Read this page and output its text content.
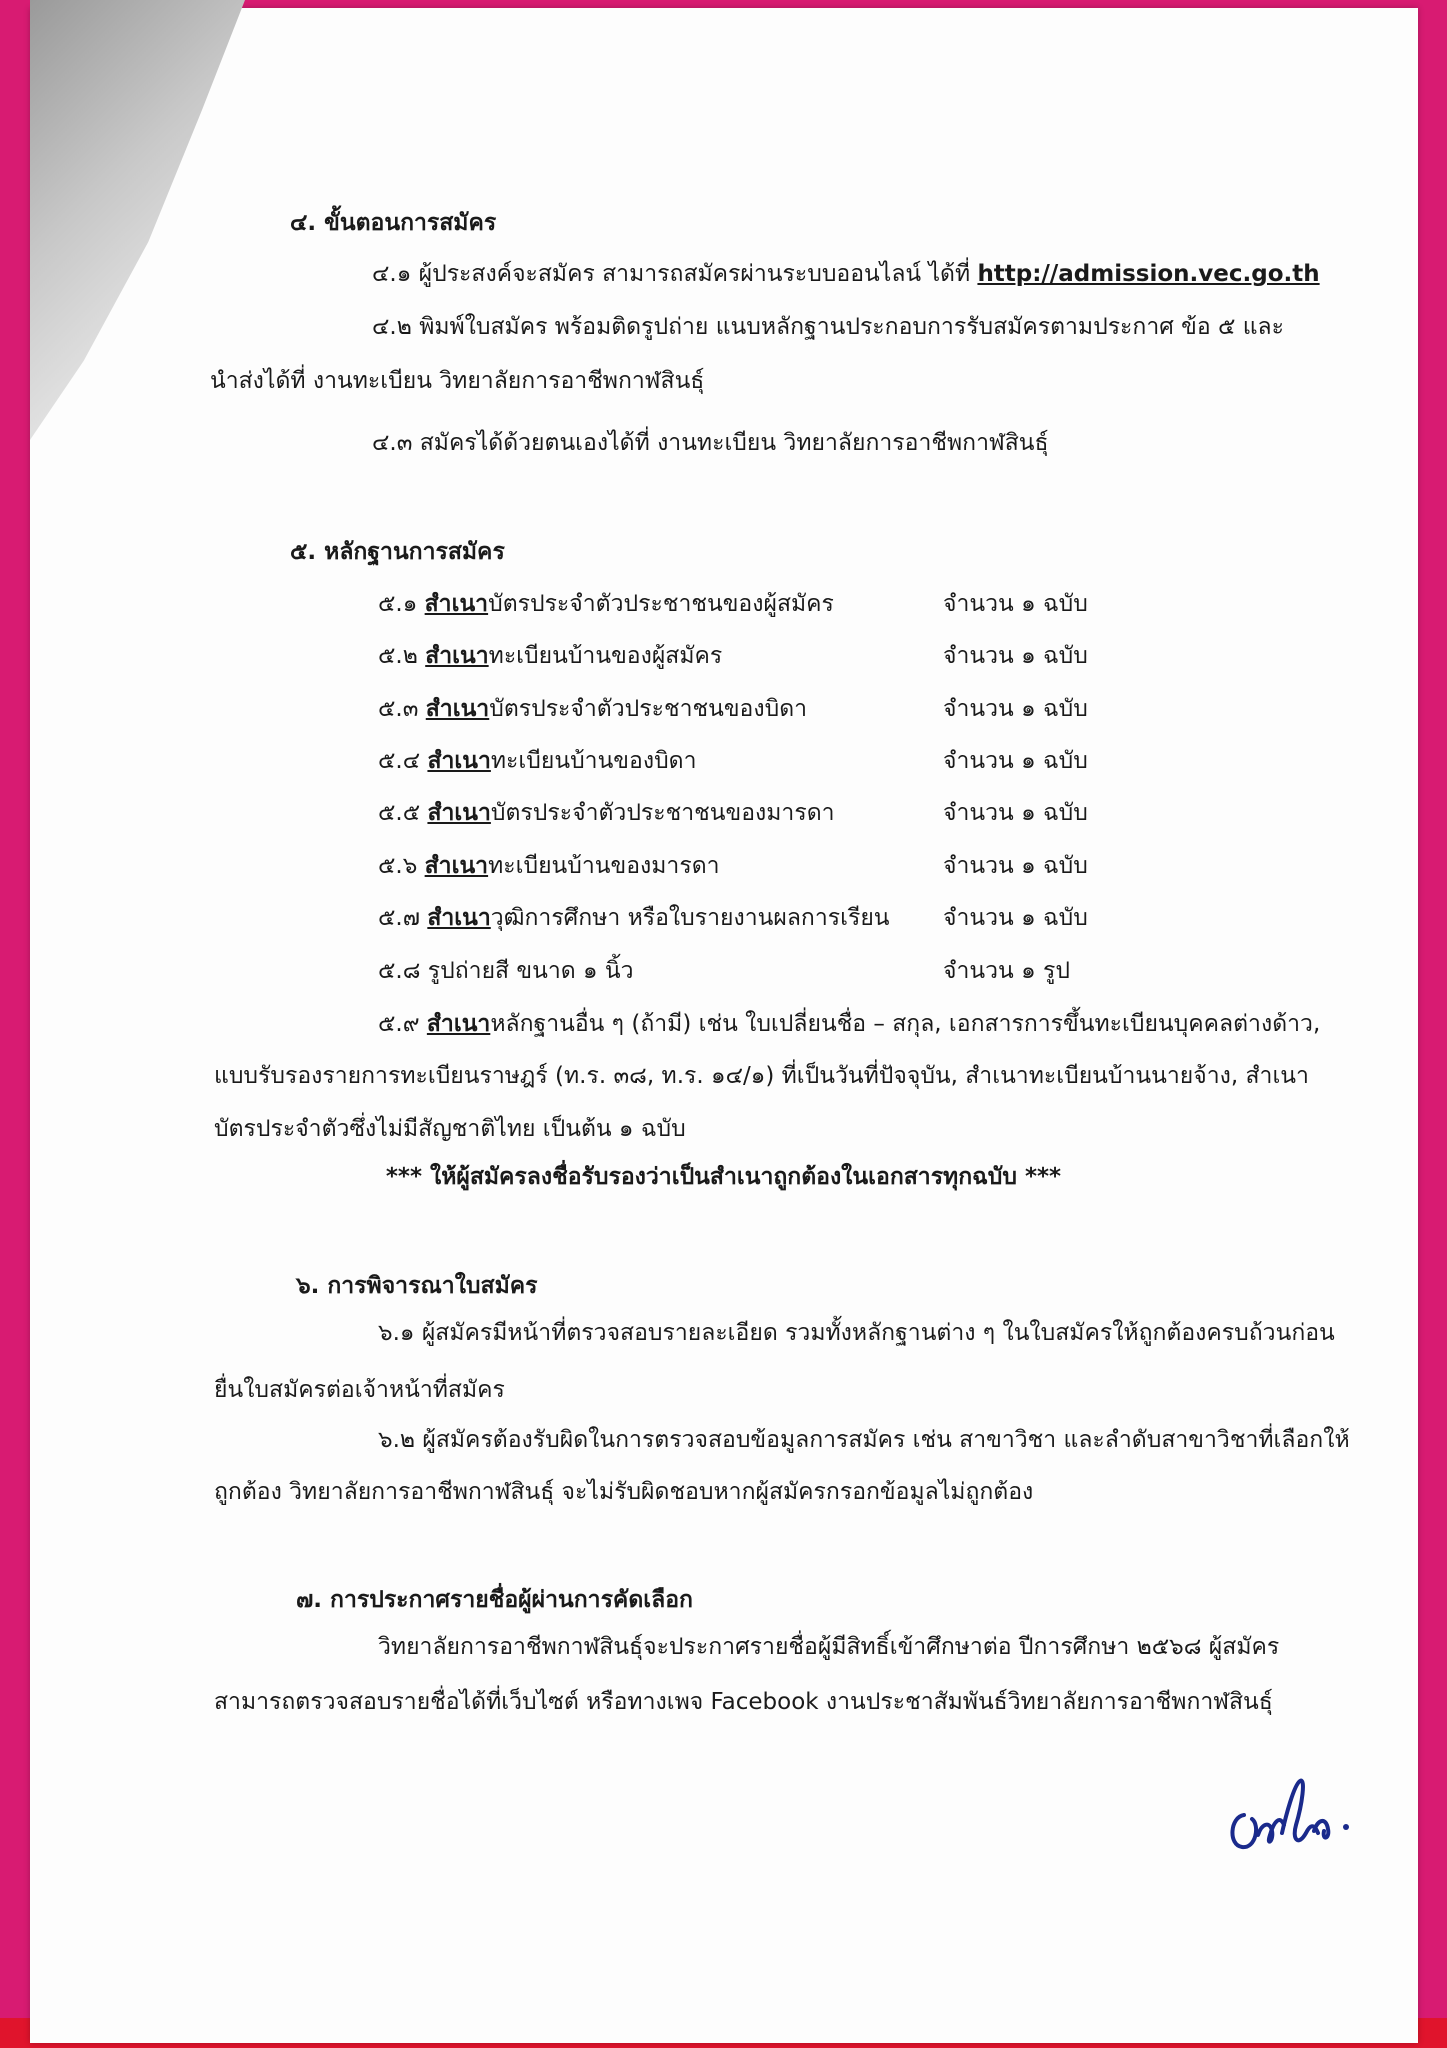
๔. ขั้นตอนการสมัคร
๔.๑ ผู้ประสงค์จะสมัคร สามารถสมัครผ่านระบบออนไลน์ ได้ที่ http://admission.vec.go.th
๔.๒ พิมพ์ใบสมัคร พร้อมติดรูปถ่าย แนบหลักฐานประกอบการรับสมัครตามประกาศ ข้อ ๕ และ
นำส่งได้ที่ งานทะเบียน วิทยาลัยการอาชีพกาฬสินธุ์
๔.๓ สมัครได้ด้วยตนเองได้ที่ งานทะเบียน วิทยาลัยการอาชีพกาฬสินธุ์
๕. หลักฐานการสมัคร
๕.๑ สำเนาบัตรประจำตัวประชาชนของผู้สมัคร	จำนวน ๑ ฉบับ
๕.๒ สำเนาทะเบียนบ้านของผู้สมัคร	จำนวน ๑ ฉบับ
๕.๓ สำเนาบัตรประจำตัวประชาชนของบิดา	จำนวน ๑ ฉบับ
๕.๔ สำเนาทะเบียนบ้านของบิดา	จำนวน ๑ ฉบับ
๕.๕ สำเนาบัตรประจำตัวประชาชนของมารดา	จำนวน ๑ ฉบับ
๕.๖ สำเนาทะเบียนบ้านของมารดา	จำนวน ๑ ฉบับ
๕.๗ สำเนาวุฒิการศึกษา หรือใบรายงานผลการเรียน จำนวน ๑ ฉบับ
๕.๘ รูปถ่ายสี ขนาด ๑ นิ้ว	จำนวน ๑ รูป
๕.๙ สำเนาหลักฐานอื่น ๆ (ถ้ามี) เช่น ใบเปลี่ยนชื่อ – สกุล, เอกสารการขึ้นทะเบียนบุคคลต่างด้าว,
แบบรับรองรายการทะเบียนราษฎร์ (ท.ร. ๓๘, ท.ร. ๑๔/๑) ที่เป็นวันที่ปัจจุบัน, สำเนาทะเบียนบ้านนายจ้าง, สำเนา
บัตรประจำตัวซึ่งไม่มีสัญชาติไทย เป็นต้น ๑ ฉบับ
*** ให้ผู้สมัครลงชื่อรับรองว่าเป็นสำเนาถูกต้องในเอกสารทุกฉบับ ***
๖. การพิจารณาใบสมัคร
๖.๑ ผู้สมัครมีหน้าที่ตรวจสอบรายละเอียด รวมทั้งหลักฐานต่าง ๆ ในใบสมัครให้ถูกต้องครบถ้วนก่อน
ยื่นใบสมัครต่อเจ้าหน้าที่สมัคร
๖.๒ ผู้สมัครต้องรับผิดในการตรวจสอบข้อมูลการสมัคร เช่น สาขาวิชา และลำดับสาขาวิชาที่เลือกให้
ถูกต้อง วิทยาลัยการอาชีพกาฬสินธุ์ จะไม่รับผิดชอบหากผู้สมัครกรอกข้อมูลไม่ถูกต้อง
๗. การประกาศรายชื่อผู้ผ่านการคัดเลือก
วิทยาลัยการอาชีพกาฬสินธุ์จะประกาศรายชื่อผู้มีสิทธิ์เข้าศึกษาต่อ ปีการศึกษา ๒๕๖๘ ผู้สมัคร
สามารถตรวจสอบรายชื่อได้ที่เว็บไซต์ หรือทางเพจ Facebook งานประชาสัมพันธ์วิทยาลัยการอาชีพกาฬสินธุ์
